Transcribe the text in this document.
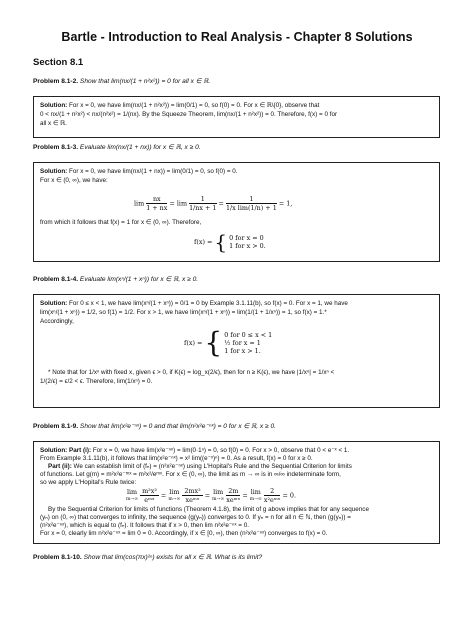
Bartle - Introduction to Real Analysis - Chapter 8 Solutions
Section 8.1
Problem 8.1-2. Show that lim(nx/(1 + n²x²)) = 0 for all x ∈ ℝ.
Solution: For x = 0, we have lim(nx/(1 + n²x²)) = lim(0/1) = 0, so f(0) = 0. For x ∈ ℝ\{0}, observe that
0 < nx/(1 + n²x²) < nx/(n²x²) = 1/(nx). By the Squeeze Theorem, lim(nx/(1 + n²x²)) = 0. Therefore, f(x) = 0 for
all x ∈ ℝ.
Problem 8.1-3. Evaluate lim(nx/(1 + nx)) for x ∈ ℝ, x ≥ 0.
Solution: For x = 0, we have lim(nx/(1 + nx)) = lim(0/1) = 0, so f(0) = 0.
For x ∈ (0, ∞), we have:
$\lim \frac{nx}{1 + nx} = \lim \frac{1}{1/nx + 1} = \frac{1}{\text{1/x lim(1/n) + 1}} = 1$,
from which it follows that f(x) = 1 for x ∈ (0, ∞). Therefore,
f(x) = { 0 for x = 0
1 for x > 0.
Problem 8.1-4. Evaluate lim(xⁿ/(1 + xⁿ)) for x ∈ ℝ, x ≥ 0.
Solution: For 0 ≤ x < 1, we have lim(xⁿ/(1 + xⁿ)) = 0/1 = 0 by Example 3.1.11(b), so f(x) = 0. For x = 1, we have
lim(xⁿ/(1 + xⁿ)) = 1/2, so f(1) = 1/2. For x > 1, we have lim(xⁿ/(1 + xⁿ)) = lim(1/(1 + 1/xⁿ)) = 1, so f(x) = 1.*
Accordingly,
f(x) = { 0 for 0 ≤ x < 1
½ for x = 1
1 for x > 1.
* Note that for 1/xⁿ with fixed x, given ϵ > 0, if K(ϵ) = log_x(2/ϵ), then for n ≥ K(ϵ), we have |1/xⁿ| = 1/xⁿ <
1/(2/ϵ) = ϵ/2 < ϵ. Therefore, lim(1/xⁿ) = 0.
Problem 8.1-9. Show that lim(x²e⁻ⁿˣ) = 0 and that lim(n²x²e⁻ⁿˣ) = 0 for x ∈ ℝ, x ≥ 0.
Solution: Part (i): For x = 0, we have lim(x²e⁻ⁿˣ) = lim(0·1ⁿ) = 0, so f(0) = 0. For x > 0, observe that 0 < e⁻ˣ < 1.
From Example 3.1.11(b), it follows that lim(x²e⁻ⁿˣ) = x² lim((e⁻ˣ)ⁿ) = 0. As a result, f(x) = 0 for x ≥ 0.
Part (ii): We can establish limit of (fₙ) = (n²x²e⁻ⁿˣ) using L'Hopital's Rule and the Sequential Criterion for limits
of functions. Let g(m) = m²x²e⁻ᵐˣ = m²x²/eᵐˣ. For x ∈ (0, ∞), the limit as m → ∞ is in ∞/∞ indeterminate form,
so we apply L'Hopital's Rule twice:
lim
m→∞
$\frac{\text{m²x²}}{\text{eᵐˣ}} = \lim$
m→∞
$\frac{\text{2mx²}}{\text{xeᵐˣ}} = \lim$
m→∞
$\frac{2m}{\text{xeᵐˣ}} = \lim$
m→∞
$\frac{2}{\text{x²eᵐˣ}} = 0$.
By the Sequential Criterion for limits of functions (Theorem 4.1.8), the limit of g above implies that for any sequence
(yₙ) on (0, ∞) that converges to infinity, the sequence (g(yₙ)) converges to 0. If yₙ = n for all n ∈ ℕ, then (g(yₙ)) =
(n²x²e⁻ⁿˣ), which is equal to (fₙ). It follows that if x > 0, then lim n²x²e⁻ⁿˣ = 0.
For x = 0, clearly lim n²x²e⁻ⁿˣ = lim 0 = 0. Accordingly, if x ∈ [0, ∞), then (n²x²e⁻ⁿˣ) converges to f(x) = 0.
Problem 8.1-10. Show that lim(cos(πx)²ⁿ) exists for all x ∈ ℝ. What is its limit?
